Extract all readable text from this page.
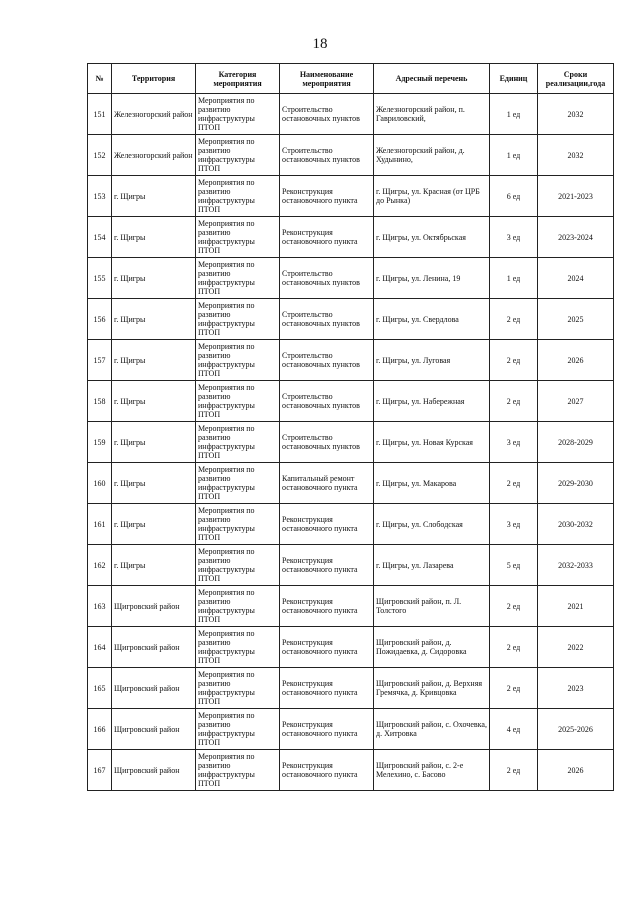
18
№	Территория	Категория мероприятия	Наименование мероприятия	Адресный перечень	Единиц	Сроки реализации,года
151	Железногорский район	Мероприятия по развитию инфраструктуры ПТОП	Строительство остановочных пунктов	Железногорский район, п. Гавриловский,	1 ед	2032
152	Железногорский район	Мероприятия по развитию инфраструктуры ПТОП	Строительство остановочных пунктов	Железногорский район, д. Худынино,	1 ед	2032
153	г. Щигры	Мероприятия по развитию инфраструктуры ПТОП	Реконструкция остановочного пункта	г. Щигры, ул. Красная (от ЦРБ до Рынка)	6 ед	2021-2023
154	г. Щигры	Мероприятия по развитию инфраструктуры ПТОП	Реконструкция остановочного пункта	г. Щигры, ул. Октябрьская	3 ед	2023-2024
155	г. Щигры	Мероприятия по развитию инфраструктуры ПТОП	Строительство остановочных пунктов	г. Щигры, ул. Ленина, 19	1 ед	2024
156	г. Щигры	Мероприятия по развитию инфраструктуры ПТОП	Строительство остановочных пунктов	г. Щигры, ул. Свердлова	2 ед	2025
157	г. Щигры	Мероприятия по развитию инфраструктуры ПТОП	Строительство остановочных пунктов	г. Щигры, ул. Луговая	2 ед	2026
158	г. Щигры	Мероприятия по развитию инфраструктуры ПТОП	Строительство остановочных пунктов	г. Щигры, ул. Набережная	2 ед	2027
159	г. Щигры	Мероприятия по развитию инфраструктуры ПТОП	Строительство остановочных пунктов	г. Щигры, ул. Новая Курская	3 ед	2028-2029
160	г. Щигры	Мероприятия по развитию инфраструктуры ПТОП	Капитальный ремонт остановочного пункта	г. Щигры, ул. Макарова	2 ед	2029-2030
161	г. Щигры	Мероприятия по развитию инфраструктуры ПТОП	Реконструкция остановочного пункта	г. Щигры, ул. Слободская	3 ед	2030-2032
162	г. Щигры	Мероприятия по развитию инфраструктуры ПТОП	Реконструкция остановочного пункта	г. Щигры, ул. Лазарева	5 ед	2032-2033
163	Щигровский район	Мероприятия по развитию инфраструктуры ПТОП	Реконструкция остановочного пункта	Щигровский район, п. Л. Толстого	2 ед	2021
164	Щигровский район	Мероприятия по развитию инфраструктуры ПТОП	Реконструкция остановочного пункта	Щигровский район, д. Пожидаевка, д. Сидоровка	2 ед	2022
165	Щигровский район	Мероприятия по развитию инфраструктуры ПТОП	Реконструкция остановочного пункта	Щигровский район, д. Верхняя Гремячка, д. Кривцовка	2 ед	2023
166	Щигровский район	Мероприятия по развитию инфраструктуры ПТОП	Реконструкция остановочного пункта	Щигровский район, с. Охочевка, д. Хитровка	4 ед	2025-2026
167	Щигровский район	Мероприятия по развитию инфраструктуры ПТОП	Реконструкция остановочного пункта	Щигровский район, с. 2-е Мелехино, с. Басово	2 ед	2026
